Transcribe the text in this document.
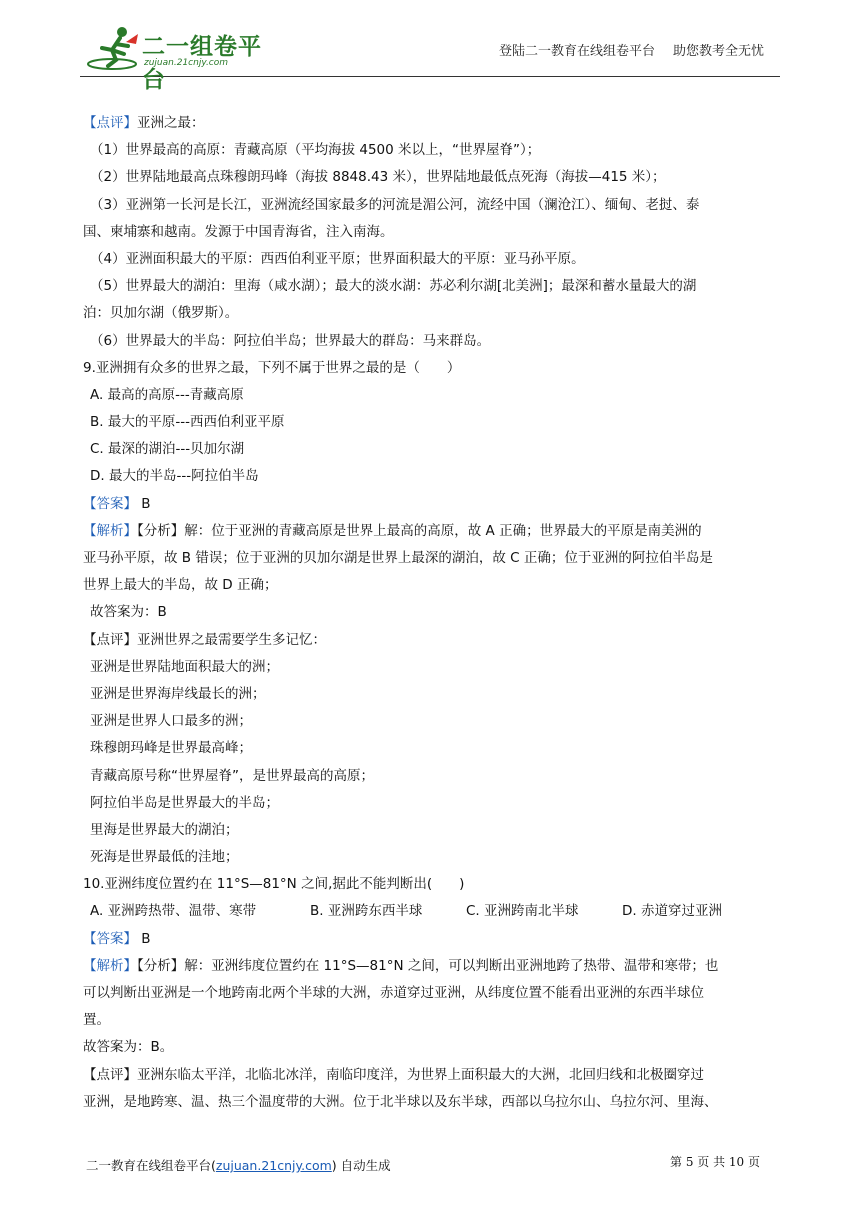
二一组卷平台
zujuan.21cnjy.com
登陆二一教育在线组卷平台 助您教考全无忧
【点评】亚洲之最：
（1）世界最高的高原：青藏高原（平均海拔 4500 米以上，“世界屋脊”）；
（2）世界陆地最高点珠穆朗玛峰（海拔 8848.43 米），世界陆地最低点死海（海拔—415 米）；
（3）亚洲第一长河是长江，亚洲流经国家最多的河流是湄公河，流经中国（澜沧江）、缅甸、老挝、泰
国、柬埔寨和越南。发源于中国青海省，注入南海。
（4）亚洲面积最大的平原：西西伯利亚平原；世界面积最大的平原：亚马孙平原。
（5）世界最大的湖泊：里海（咸水湖）；最大的淡水湖：苏必利尔湖[北美洲]；最深和蓄水量最大的湖
泊：贝加尔湖（俄罗斯）。
（6）世界最大的半岛：阿拉伯半岛；世界最大的群岛：马来群岛。
9.亚洲拥有众多的世界之最，下列不属于世界之最的是（　　）
A. 最高的高原---青藏高原
B. 最大的平原---西西伯利亚平原
C. 最深的湖泊---贝加尔湖
D. 最大的半岛---阿拉伯半岛
【答案】 B
【解析】【分析】解：位于亚洲的青藏高原是世界上最高的高原，故 A 正确；世界最大的平原是南美洲的
亚马孙平原，故 B 错误；位于亚洲的贝加尔湖是世界上最深的湖泊，故 C 正确；位于亚洲的阿拉伯半岛是
世界上最大的半岛，故 D 正确；
故答案为：B
【点评】亚洲世界之最需要学生多记忆：
亚洲是世界陆地面积最大的洲；
亚洲是世界海岸线最长的洲；
亚洲是世界人口最多的洲；
珠穆朗玛峰是世界最高峰；
青藏高原号称“世界屋脊”，是世界最高的高原；
阿拉伯半岛是世界最大的半岛；
里海是世界最大的湖泊；
死海是世界最低的洼地；
10.亚洲纬度位置约在 11°S—81°N 之间,据此不能判断出(　　)
A. 亚洲跨热带、温带、寒带	B. 亚洲跨东西半球	C. 亚洲跨南北半球	D. 赤道穿过亚洲
【答案】 B
【解析】【分析】解：亚洲纬度位置约在 11°S—81°N 之间，可以判断出亚洲地跨了热带、温带和寒带；也
可以判断出亚洲是一个地跨南北两个半球的大洲，赤道穿过亚洲，从纬度位置不能看出亚洲的东西半球位
置。
故答案为：B。
【点评】亚洲东临太平洋，北临北冰洋，南临印度洋，为世界上面积最大的大洲，北回归线和北极圈穿过
亚洲，是地跨寒、温、热三个温度带的大洲。位于北半球以及东半球，西部以乌拉尔山、乌拉尔河、里海、
二一教育在线组卷平台(zujuan.21cnjy.com) 自动生成	第 5 页 共 10 页
